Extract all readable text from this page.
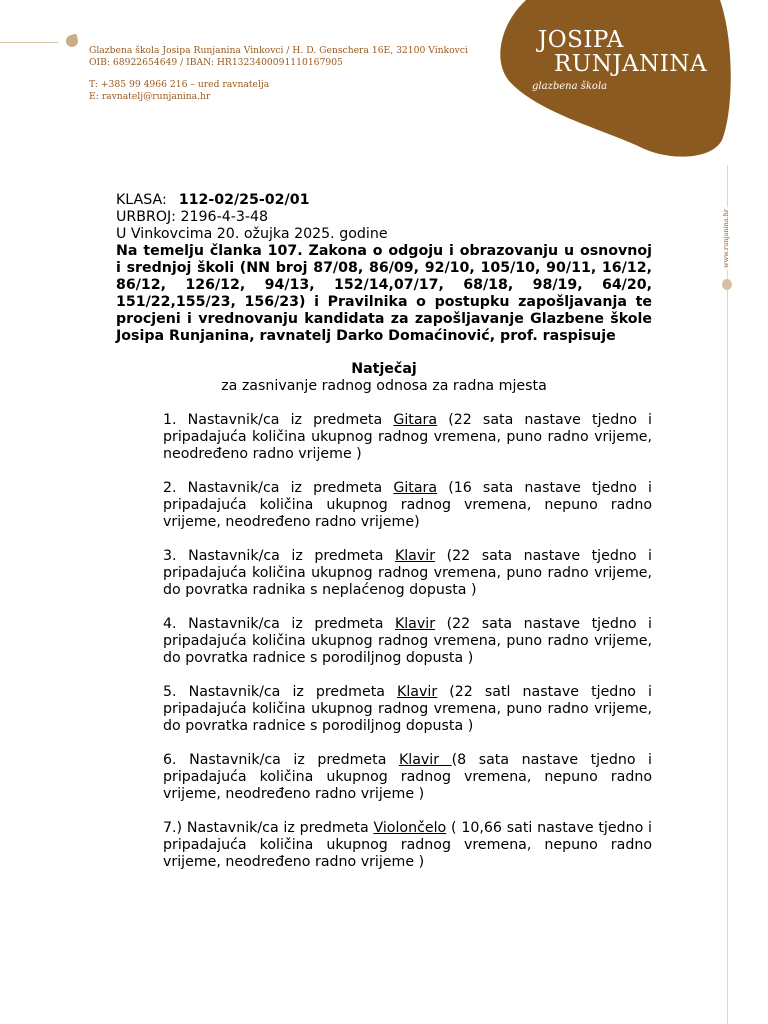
Glazbena škola Josipa Runjanina Vinkovci / H. D. Genschera 16E, 32100 Vinkovci
OIB: 68922654649 / IBAN: HR1323400091110167905
T: +385 99 4966 216 – ured ravnatelja
E: ravnatelj@runjanina.hr
JOSIPA
RUNJANINA
glazbena škola
www.runjanina.hr
KLASA: 112-02/25-02/01
URBROJ: 2196-4-3-48
U Vinkovcima 20. ožujka 2025. godine
Na temelju članka 107. Zakona o odgoju i obrazovanju u osnovnoj i srednjoj školi (NN broj 87/08, 86/09, 92/10, 105/10, 90/11, 16/12, 86/12, 126/12, 94/13, 152/14,07/17, 68/18, 98/19, 64/20, 151/22,155/23, 156/23) i Pravilnika o postupku zapošljavanja te procjeni i vrednovanju kandidata za zapošljavanje Glazbene škole Josipa Runjanina, ravnatelj Darko Domaćinović, prof. raspisuje
Natječaj
za zasnivanje radnog odnosa za radna mjesta
1. Nastavnik/ca iz predmeta Gitara (22 sata nastave tjedno i pripadajuća količina ukupnog radnog vremena, puno radno vrijeme, neodređeno radno vrijeme )
2. Nastavnik/ca iz predmeta Gitara (16 sata nastave tjedno i pripadajuća količina ukupnog radnog vremena, nepuno radno vrijeme, neodređeno radno vrijeme)
3. Nastavnik/ca iz predmeta Klavir (22 sata nastave tjedno i pripadajuća količina ukupnog radnog vremena, puno radno vrijeme, do povratka radnika s neplaćenog dopusta )
4. Nastavnik/ca iz predmeta Klavir (22 sata nastave tjedno i pripadajuća količina ukupnog radnog vremena, puno radno vrijeme, do povratka radnice s porodiljnog dopusta )
5. Nastavnik/ca iz predmeta Klavir (22 satl nastave tjedno i pripadajuća količina ukupnog radnog vremena, puno radno vrijeme, do povratka radnice s porodiljnog dopusta )
6. Nastavnik/ca iz predmeta Klavir (8 sata nastave tjedno i pripadajuća količina ukupnog radnog vremena, nepuno radno vrijeme, neodređeno radno vrijeme )
7.) Nastavnik/ca iz predmeta Violončelo ( 10,66 sati nastave tjedno i pripadajuća količina ukupnog radnog vremena, nepuno radno vrijeme, neodređeno radno vrijeme )
